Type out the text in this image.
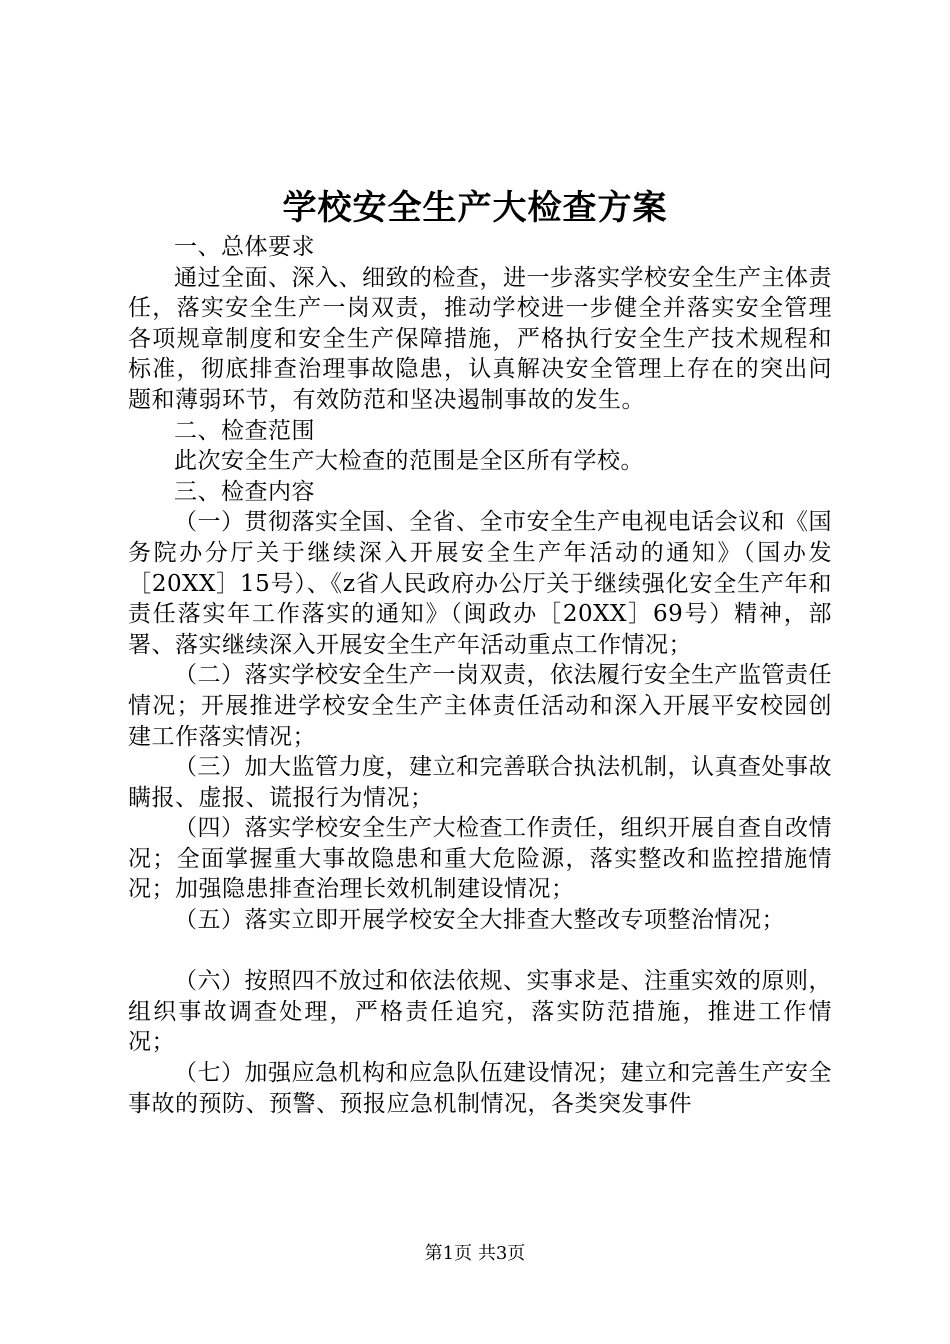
学校安全生产大检查方案

一、总体要求

通过全面、深入、细致的检查，进一步落实学校安全生产主体责任，落实安全生产一岗双责，推动学校进一步健全并落实安全管理各项规章制度和安全生产保障措施，严格执行安全生产技术规程和标准，彻底排查治理事故隐患，认真解决安全管理上存在的突出问题和薄弱环节，有效防范和坚决遏制事故的发生。

二、检查范围

此次安全生产大检查的范围是全区所有学校。

三、检查内容

（一）贯彻落实全国、全省、全市安全生产电视电话会议和《国务院办分厅关于继续深入开展安全生产年活动的通知》（国办发［20XX］15号）、《z省人民政府办公厅关于继续强化安全生产年和责任落实年工作落实的通知》（闽政办［20XX］69号）精神，部署、落实继续深入开展安全生产年活动重点工作情况；

（二）落实学校安全生产一岗双责，依法履行安全生产监管责任情况；开展推进学校安全生产主体责任活动和深入开展平安校园创建工作落实情况；

（三）加大监管力度，建立和完善联合执法机制，认真查处事故瞒报、虚报、谎报行为情况；

（四）落实学校安全生产大检查工作责任，组织开展自查自改情况；全面掌握重大事故隐患和重大危险源，落实整改和监控措施情况；加强隐患排查治理长效机制建设情况；

（五）落实立即开展学校安全大排查大整改专项整治情况；

（六）按照四不放过和依法依规、实事求是、注重实效的原则，组织事故调查处理，严格责任追究，落实防范措施，推进工作情况；

（七）加强应急机构和应急队伍建设情况；建立和完善生产安全事故的预防、预警、预报应急机制情况，各类突发事件

第1页 共3页
